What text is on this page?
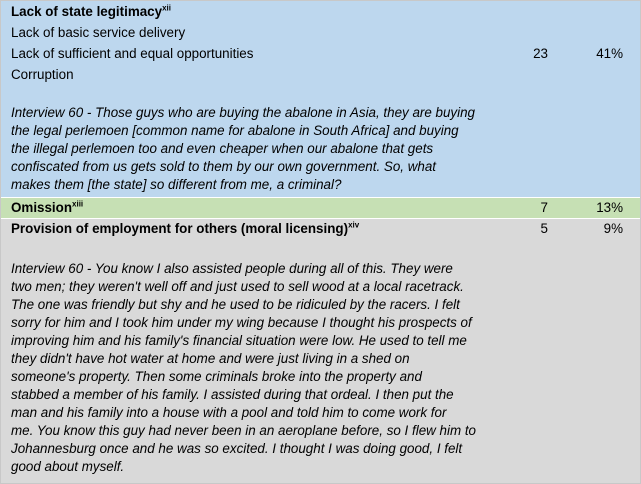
Lack of state legitimacy$^{xii}$
Lack of basic service delivery
Lack of sufficient and equal opportunities
Corruption
23	41%
Interview 60 - Those guys who are buying the abalone in Asia, they are buying
the legal perlemoen [common name for abalone in South Africa] and buying
the illegal perlemoen too and even cheaper when our abalone that gets
confiscated from us gets sold to them by our own government. So, what
makes them [the state] so different from me, a criminal?
Omission$^{xiii}$	7	13%
Provision of employment for others (moral licensing)$^{xiv}$	5	9%
Interview 60 - You know I also assisted people during all of this. They were
two men; they weren't well off and just used to sell wood at a local racetrack.
The one was friendly but shy and he used to be ridiculed by the racers. I felt
sorry for him and I took him under my wing because I thought his prospects of
improving him and his family's financial situation were low. He used to tell me
they didn't have hot water at home and were just living in a shed on
someone's property. Then some criminals broke into the property and
stabbed a member of his family. I assisted during that ordeal. I then put the
man and his family into a house with a pool and told him to come work for
me. You know this guy had never been in an aeroplane before, so I flew him to
Johannesburg once and he was so excited. I thought I was doing good, I felt
good about myself.
